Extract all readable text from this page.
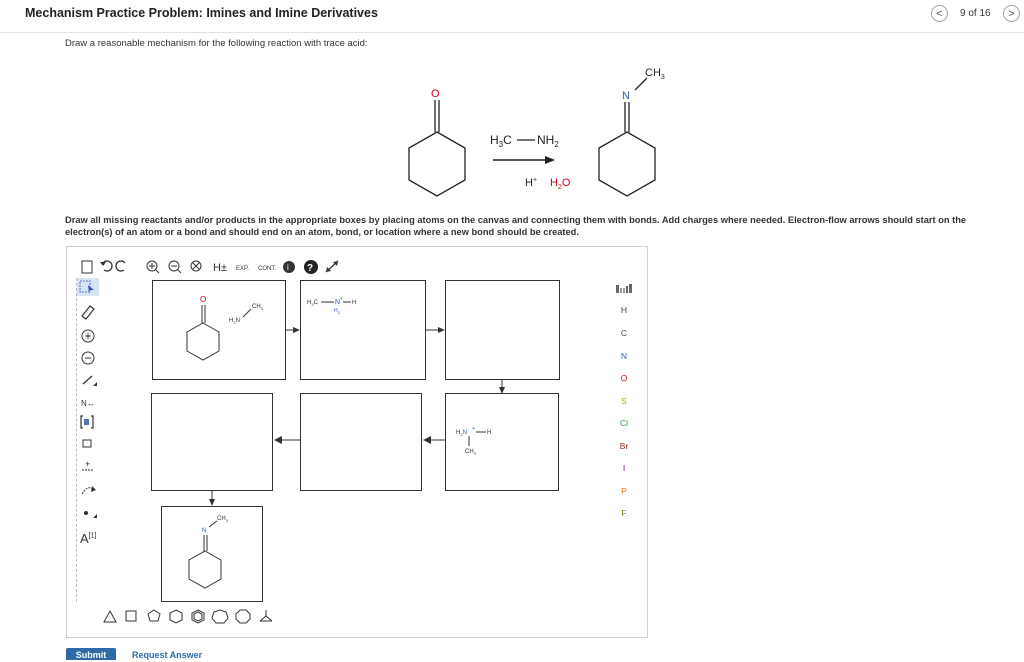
Mechanism Practice Problem: Imines and Imine Derivatives	<	9 of 16	>
Draw a reasonable mechanism for the following reaction with trace acid:
O
$H_3C$ $NH_2$
H+ $H_2O$
N
$CH_3$
Draw all missing reactants and/or products in the appropriate boxes by placing atoms on the canvas and connecting them with bonds. Add charges where needed. Electron-flow arrows should start on the electron(s) of an atom or a bond and should end on an atom, bond, or location where a new bond should be created.
H± EXP. CONT. i ?
N↔
+
A[1]
H
C
N
O
S
Cl
Br
I
P
F
O
$H_2N$
$CH_3$
$H_3C$ N +
H
$H_2$
$H_2N$
+
H
$CH_3$
N
$CH_3$
Submit	Request Answer
